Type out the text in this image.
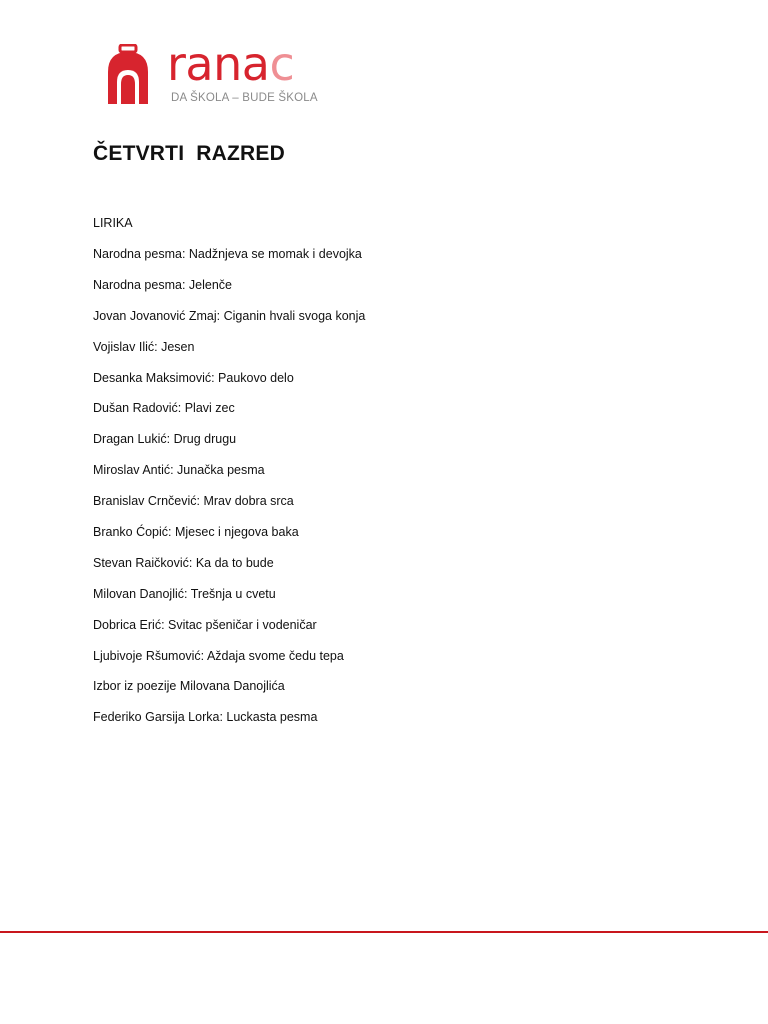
ranac
DA ŠKOLA – BUDE ŠKOLA
ČETVRTI  RAZRED
LIRIKA
Narodna pesma: Nadžnjeva se momak i devojka
Narodna pesma: Jelenče
Jovan Jovanović Zmaj: Ciganin hvali svoga konja
Vojislav Ilić: Jesen
Desanka Maksimović: Paukovo delo
Dušan Radović: Plavi zec
Dragan Lukić: Drug drugu
Miroslav Antić: Junačka pesma
Branislav Crnčević: Mrav dobra srca
Branko Ćopić: Mjesec i njegova baka
Stevan Raičković: Ka da to bude
Milovan Danojlić: Trešnja u cvetu
Dobrica Erić: Svitac pšeničar i vodeničar
Ljubivoje Ršumović: Aždaja svome čedu tepa
Izbor iz poezije Milovana Danojlića
Federiko Garsija Lorka: Luckasta pesma
